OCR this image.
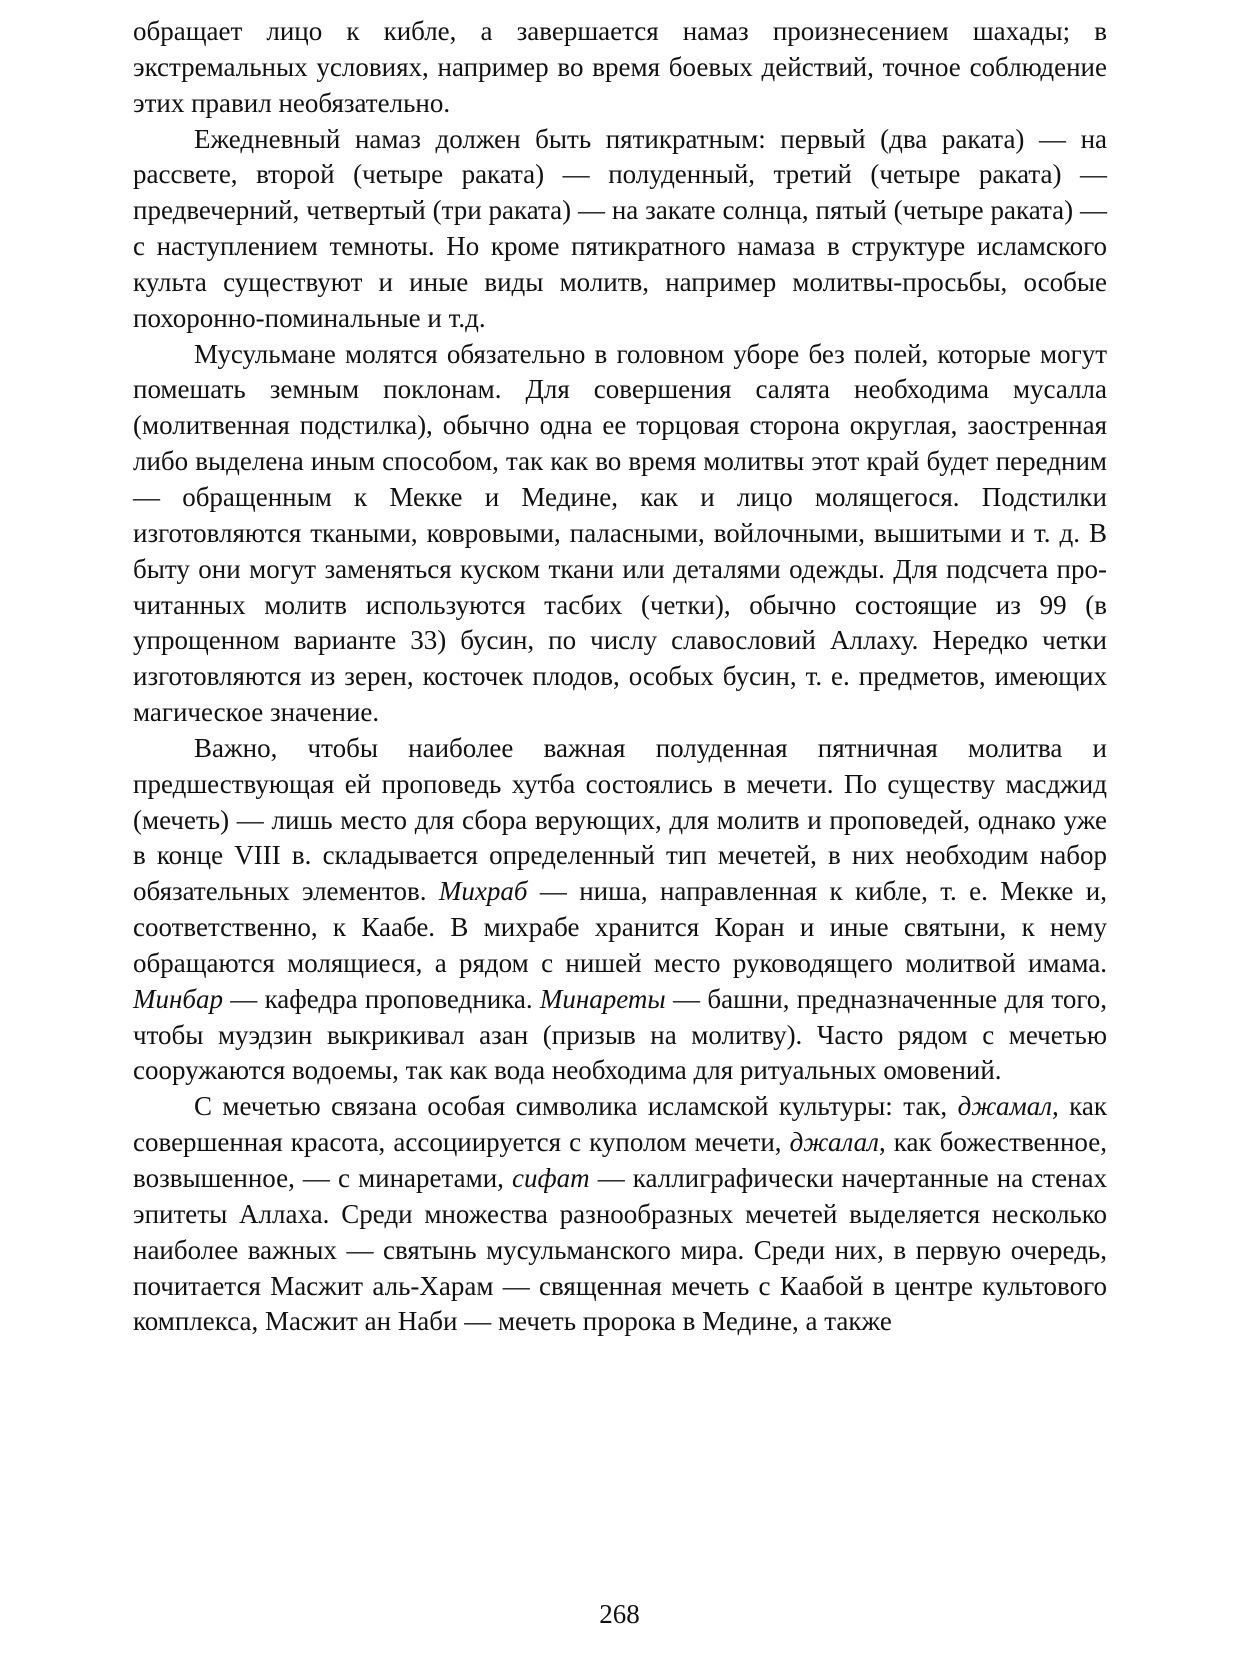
обращает лицо к кибле, а завершается намаз произнесением шахады; в экстремальных условиях, например во время боевых действий, точное соблюдение этих правил необязательно.

Ежедневный намаз должен быть пятикратным: первый (два раката) — на рассвете, второй (четыре раката) — полуденный, третий (четыре раката) — предвечерний, четвертый (три раката) — на закате солнца, пятый (четыре раката) — с наступлением темноты. Но кроме пятикратного намаза в структуре исламского культа существуют и иные виды молитв, например молитвы-просьбы, особые похоронно-поминальные и т.д.

Мусульмане молятся обязательно в головном уборе без полей, которые могут помешать земным поклонам. Для совершения салята необходима мусалла (молитвенная подстилка), обычно одна ее торцовая сторона округлая, заостренная либо выделена иным способом, так как во время молитвы этот край будет передним — обращенным к Мекке и Медине, как и лицо молящегося. Подстилки изготовляются ткаными, ковровыми, паласными, войлочными, вышитыми и т. д. В быту они могут заменяться куском ткани или деталями одежды. Для подсчета прочитанных молитв используются тасбих (четки), обычно состоящие из 99 (в упрощенном варианте 33) бусин, по числу славословий Аллаху. Нередко четки изготовляются из зерен, косточек плодов, особых бусин, т. е. предметов, имеющих магическое значение.

Важно, чтобы наиболее важная полуденная пятничная молитва и предшествующая ей проповедь хутба состоялись в мечети. По существу масджид (мечеть) — лишь место для сбора верующих, для молитв и проповедей, однако уже в конце VIII в. складывается определенный тип мечетей, в них необходим набор обязательных элементов. Михраб — ниша, направленная к кибле, т. е. Мекке и, соответственно, к Каабе. В михрабе хранится Коран и иные святыни, к нему обращаются молящиеся, а рядом с нишей место руководящего молитвой имама. Минбар — кафедра проповедника. Минареты — башни, предназначенные для того, чтобы муэдзин выкрикивал азан (призыв на молитву). Часто рядом с мечетью сооружаются водоемы, так как вода необходима для ритуальных омовений.

С мечетью связана особая символика исламской культуры: так, джамал, как совершенная красота, ассоциируется с куполом мечети, джалал, как божественное, возвышенное, — с минаретами, сифат — каллиграфически начертанные на стенах эпитеты Аллаха. Среди множества разнообразных мечетей выделяется несколько наиболее важных — святынь мусульманского мира. Среди них, в первую очередь, почитается Масжит аль-Харам — священная мечеть с Каабой в центре культового комплекса, Масжит ан Наби — мечеть пророка в Медине, а также

268
